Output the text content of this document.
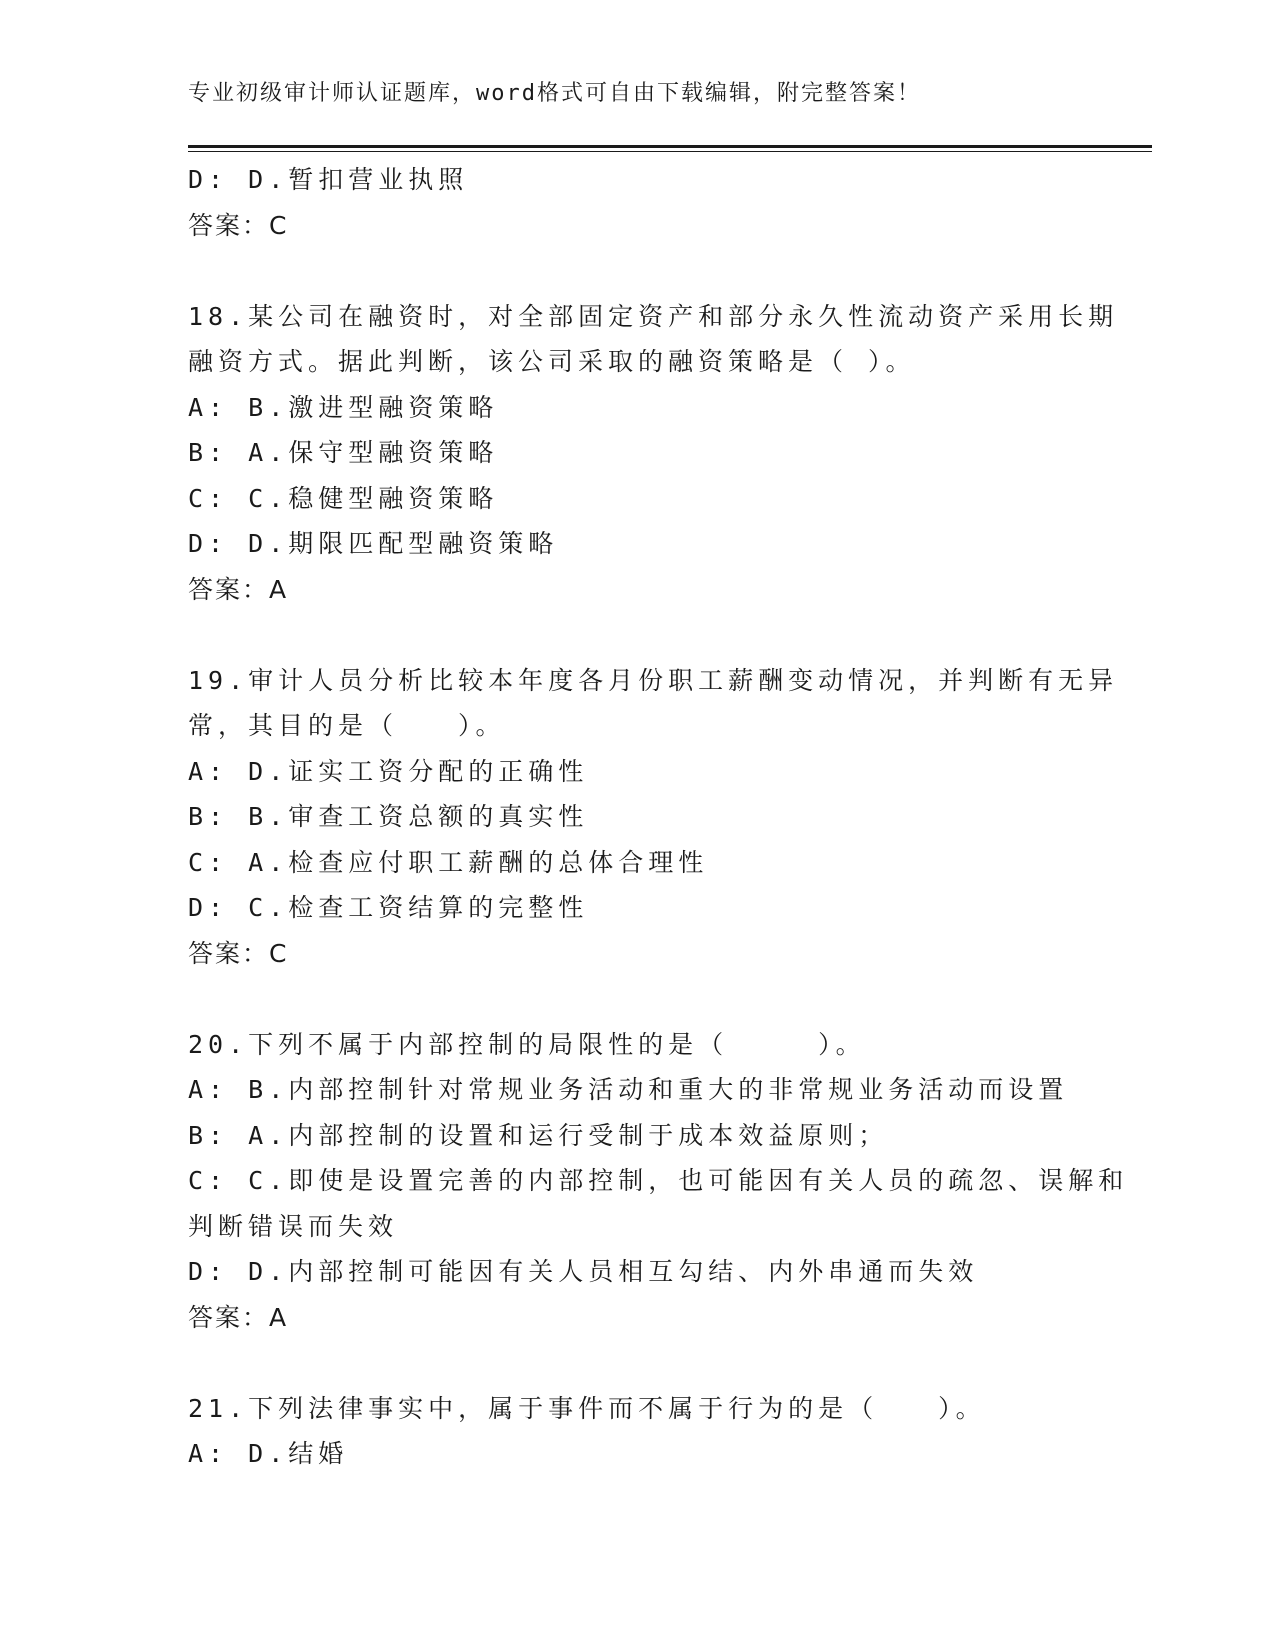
专业初级审计师认证题库，word格式可自由下载编辑，附完整答案！
D: D.暂扣营业执照
答案：C
18.某公司在融资时，对全部固定资产和部分永久性流动资产采用长期
融资方式。据此判断，该公司采取的融资策略是（ ）。
A: B.激进型融资策略
B: A.保守型融资策略
C: C.稳健型融资策略
D: D.期限匹配型融资策略
答案：A
19.审计人员分析比较本年度各月份职工薪酬变动情况，并判断有无异
常，其目的是（　　）。
A: D.证实工资分配的正确性
B: B.审查工资总额的真实性
C: A.检查应付职工薪酬的总体合理性
D: C.检查工资结算的完整性
答案：C
20.下列不属于内部控制的局限性的是（　　　）。
A: B.内部控制针对常规业务活动和重大的非常规业务活动而设置
B: A.内部控制的设置和运行受制于成本效益原则；
C: C.即使是设置完善的内部控制，也可能因有关人员的疏忽、误解和
判断错误而失效
D: D.内部控制可能因有关人员相互勾结、内外串通而失效
答案：A
21.下列法律事实中，属于事件而不属于行为的是（　　）。
A: D.结婚
